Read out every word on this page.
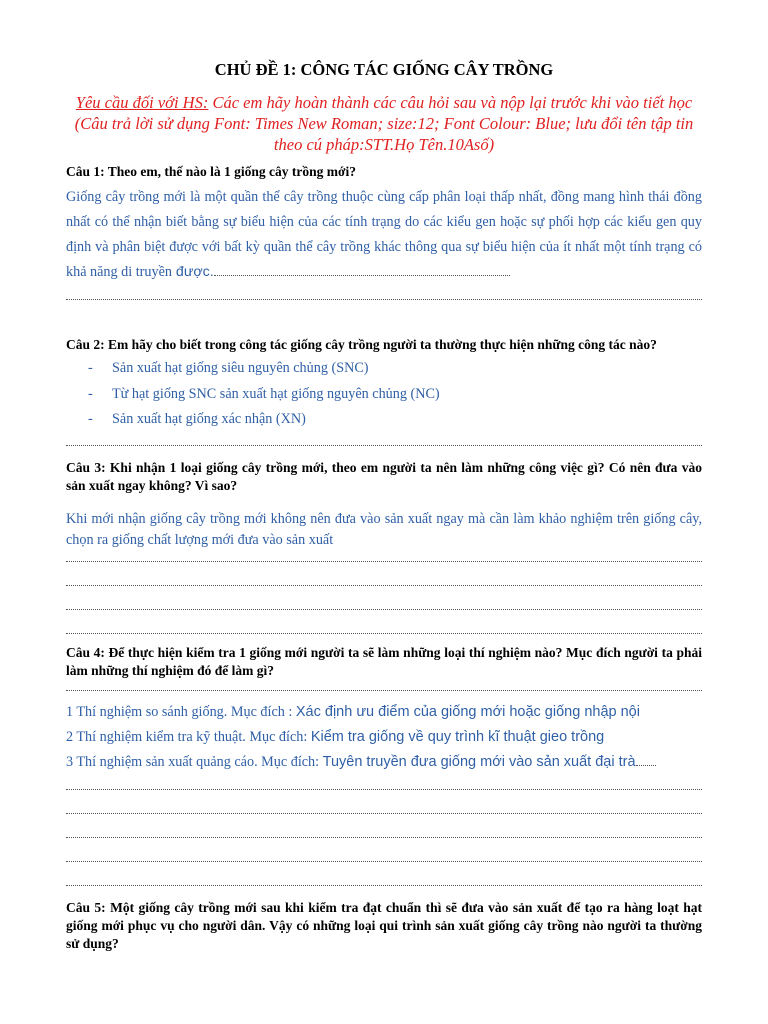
CHỦ ĐỀ 1: CÔNG TÁC GIỐNG CÂY TRỒNG
Yêu cầu đối với HS: Các em hãy hoàn thành các câu hỏi sau và nộp lại trước khi vào tiết học (Câu trả lời sử dụng Font: Times New Roman; size:12; Font Colour: Blue; lưu đổi tên tập tin theo cú pháp:STT.Họ Tên.10Asố)
Câu 1: Theo em, thế nào là 1 giống cây trồng mới?
Giống cây trồng mới là một quần thể cây trồng thuộc cùng cấp phân loại thấp nhất, đồng mang hình thái đồng nhất có thể nhận biết bằng sự biểu hiện của các tính trạng do các kiểu gen hoặc sự phối hợp các kiểu gen quy định và phân biệt được với bất kỳ quần thể cây trồng khác thông qua sự biểu hiện của ít nhất một tính trạng có khả năng di truyền được.
Câu 2: Em hãy cho biết trong công tác giống cây trồng người ta thường thực hiện những công tác nào?
- Sản xuất hạt giống siêu nguyên chủng (SNC)
- Từ hạt giống SNC sản xuất hạt giống nguyên chủng (NC)
- Sản xuất hạt giống xác nhận (XN)
Câu 3: Khi nhận 1 loại giống cây trồng mới, theo em người ta nên làm những công việc gì? Có nên đưa vào sản xuất ngay không? Vì sao?
Khi mới nhận giống cây trồng mới không nên đưa vào sản xuất ngay mà cần làm khảo nghiệm trên giống cây, chọn ra giống chất lượng mới đưa vào sản xuất
Câu 4: Để thực hiện kiểm tra 1 giống mới người ta sẽ làm những loại thí nghiệm nào? Mục đích người ta phải làm những thí nghiệm đó để làm gì?
1 Thí nghiệm so sánh giống. Mục đích : Xác định ưu điểm của giống mới hoặc giống nhập nội
2 Thí nghiệm kiểm tra kỹ thuật. Mục đích: Kiểm tra giống về quy trình kĩ thuật gieo trồng
3 Thí nghiệm sản xuất quảng cáo. Mục đích: Tuyên truyền đưa giống mới vào sản xuất đại trà
Câu 5: Một giống cây trồng mới sau khi kiểm tra đạt chuẩn thì sẽ đưa vào sản xuất để tạo ra hàng loạt hạt giống mới phục vụ cho người dân. Vậy có những loại qui trình sản xuất giống cây trồng nào người ta thường sử dụng?
